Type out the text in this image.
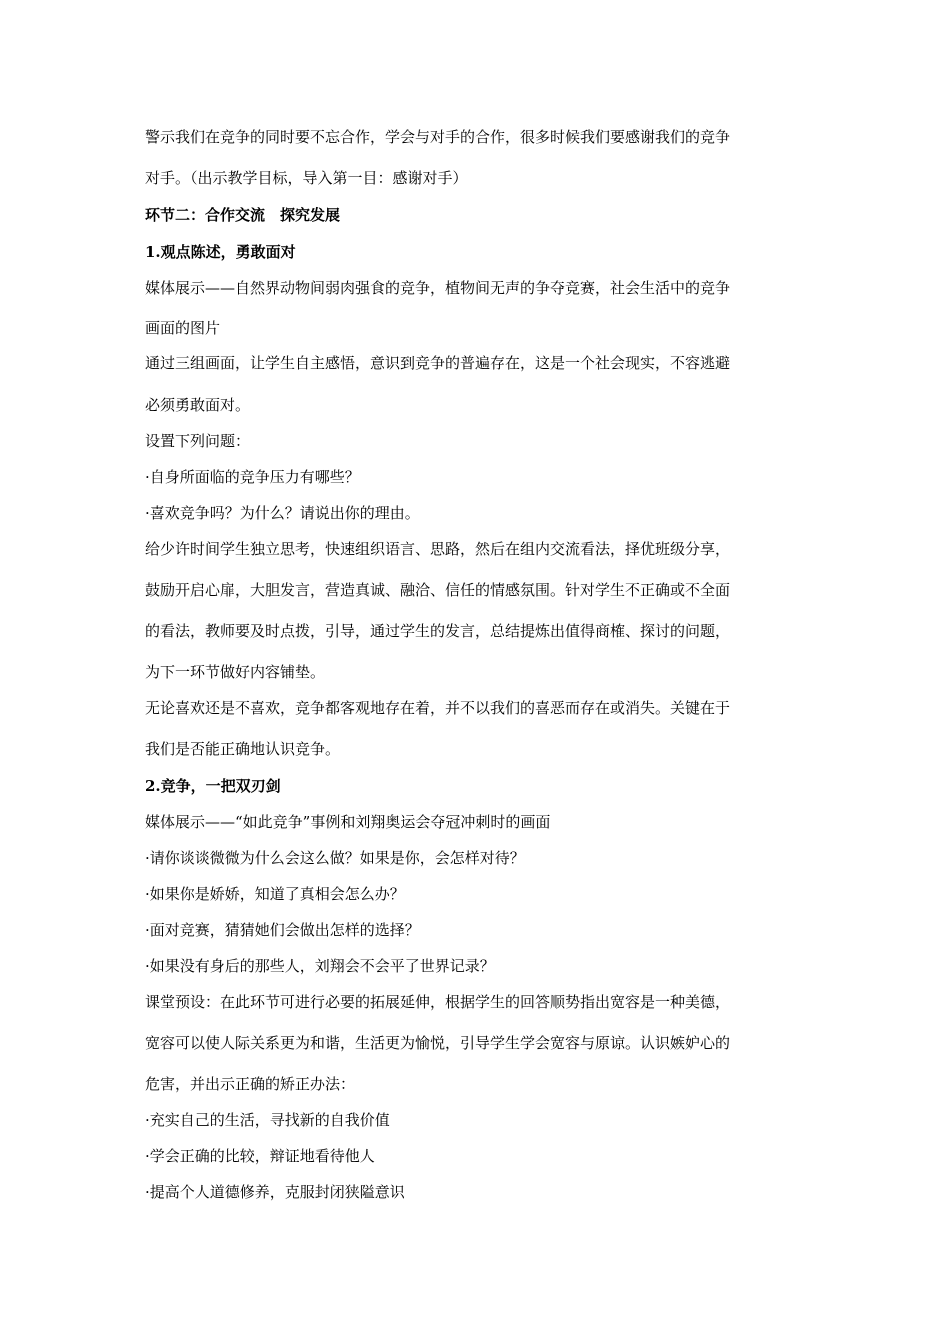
警示我们在竞争的同时要不忘合作，学会与对手的合作，很多时候我们要感谢我们的竞争
对手。（出示教学目标，导入第一目：感谢对手）
环节二：合作交流　探究发展
1.观点陈述，勇敢面对
媒体展示——自然界动物间弱肉强食的竞争，植物间无声的争夺竞赛，社会生活中的竞争
画面的图片
通过三组画面，让学生自主感悟，意识到竞争的普遍存在，这是一个社会现实，不容逃避
必须勇敢面对。
设置下列问题：
·自身所面临的竞争压力有哪些？
·喜欢竞争吗？为什么？请说出你的理由。
给少许时间学生独立思考，快速组织语言、思路，然后在组内交流看法，择优班级分享，
鼓励开启心扉，大胆发言，营造真诚、融洽、信任的情感氛围。针对学生不正确或不全面
的看法，教师要及时点拨，引导，通过学生的发言，总结提炼出值得商榷、探讨的问题，
为下一环节做好内容铺垫。
无论喜欢还是不喜欢，竞争都客观地存在着，并不以我们的喜恶而存在或消失。关键在于
我们是否能正确地认识竞争。
2.竞争，一把双刃剑
媒体展示——“如此竞争”事例和刘翔奥运会夺冠冲刺时的画面
·请你谈谈微微为什么会这么做？如果是你，会怎样对待？
·如果你是娇娇，知道了真相会怎么办？
·面对竞赛，猜猜她们会做出怎样的选择？
·如果没有身后的那些人，刘翔会不会平了世界记录？
课堂预设：在此环节可进行必要的拓展延伸，根据学生的回答顺势指出宽容是一种美德，
宽容可以使人际关系更为和谐，生活更为愉悦，引导学生学会宽容与原谅。认识嫉妒心的
危害，并出示正确的矫正办法：
·充实自己的生活，寻找新的自我价值
·学会正确的比较，辩证地看待他人
·提高个人道德修养，克服封闭狭隘意识
